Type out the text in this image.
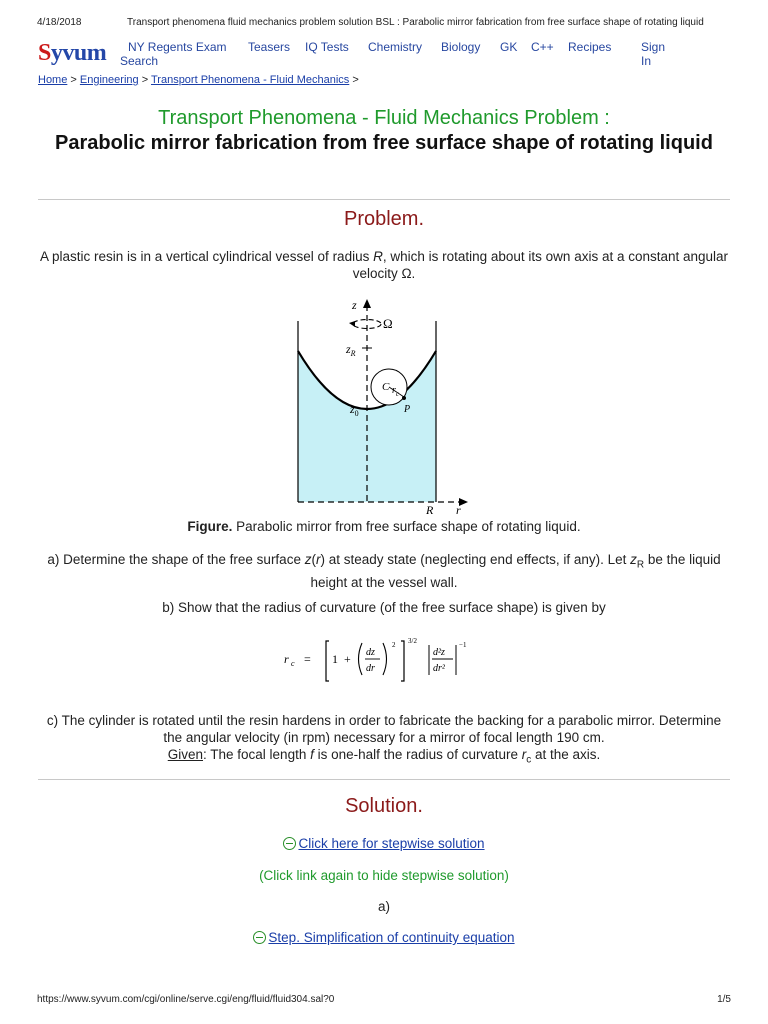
4/18/2018	Transport phenomena fluid mechanics problem solution BSL : Parabolic mirror fabrication from free surface shape of rotating liquid
Syvum NY Regents Exam Teasers IQ Tests Chemistry Biology GK C++ Recipes Sign
Search	In
Home > Engineering > Transport Phenomena - Fluid Mechanics >
Transport Phenomena - Fluid Mechanics Problem :
Parabolic mirror fabrication from free surface shape of rotating liquid
Problem.
A plastic resin is in a vertical cylindrical vessel of radius R, which is rotating about its own axis at a constant angular velocity Ω.
z
Ω
$z_R$
$z_0$
C $r_c$
P
R r
Figure. Parabolic mirror from free surface shape of rotating liquid.
a) Determine the shape of the free surface z(r) at steady state (neglecting end effects, if any). Let $z_R$ be the liquid height at the vessel wall.
b) Show that the radius of curvature (of the free surface shape) is given by
r c = 1 + dz
dr
2 3/2
d²z
dr²
−1
c) The cylinder is rotated until the resin hardens in order to fabricate the backing for a parabolic mirror. Determine the angular velocity (in rpm) necessary for a mirror of focal length 190 cm.
Given: The focal length f is one-half the radius of curvature $r_c$ at the axis.
Solution.
Click here for stepwise solution
(Click link again to hide stepwise solution)
a)
Step. Simplification of continuity equation
https://www.syvum.com/cgi/online/serve.cgi/eng/fluid/fluid304.sal?0	1/5
